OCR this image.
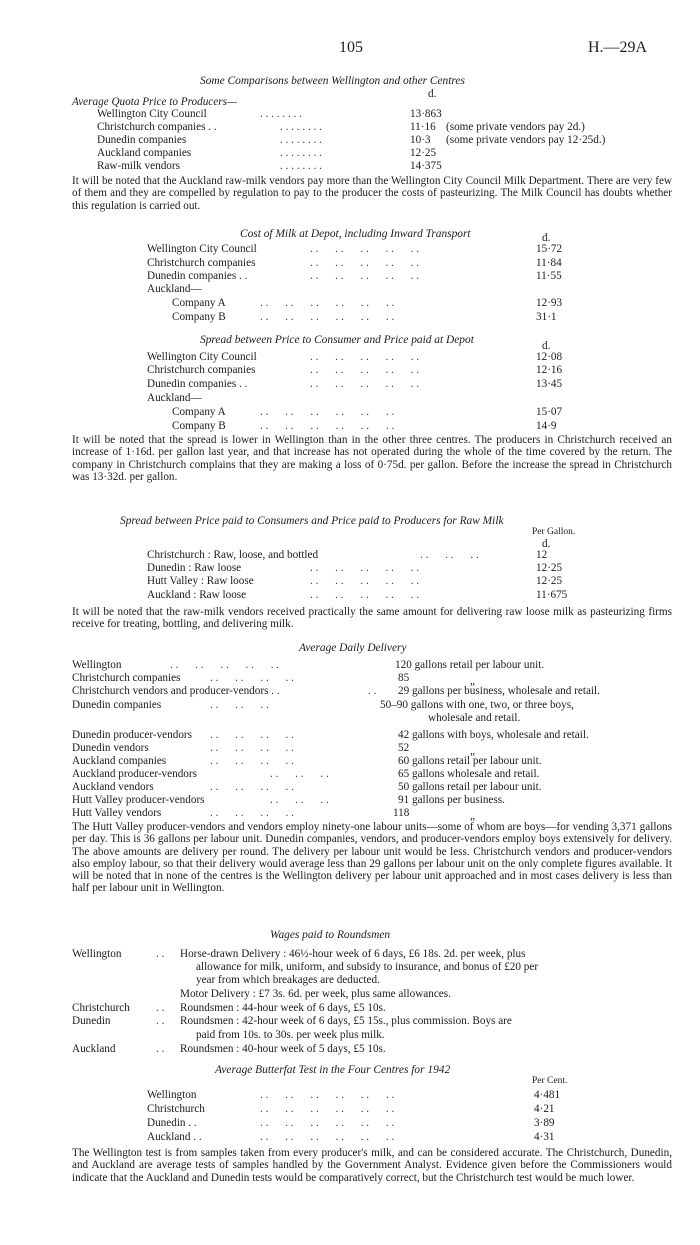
105	H.—29A
Some Comparisons between Wellington and other Centres
d.
Average Quota Price to Producers—
Wellington City Council	. . . . . . . .	13·863
Christchurch companies . .	. . . . . . . .	11·16 (some private vendors pay 2d.)
Dunedin companies	. . . . . . . .	10·3 (some private vendors pay 12·25d.)
Auckland companies	. . . . . . . .	12·25
Raw-milk vendors	. . . . . . . .	14·375
It will be noted that the Auckland raw-milk vendors pay more than the Wellington City Council Milk Department. There are very few of them and they are compelled by regulation to pay to the producer the costs of pasteurizing. The Milk Council has doubts whether this regulation is carried out.
Cost of Milk at Depot, including Inward Transport	d.
Wellington City Council	. .      . .      . .      . .      . .	15·72
Christchurch companies	. .      . .      . .      . .      . .	11·84
Dunedin companies . .	. .      . .      . .      . .      . .	11·55
Auckland—
Company A	. .      . .      . .      . .      . .      . .	12·93
Company B	. .      . .      . .      . .      . .      . .	31·1
Spread between Price to Consumer and Price paid at Depot	d.
Wellington City Council	. .      . .      . .      . .      . .	12·08
Christchurch companies	. .      . .      . .      . .      . .	12·16
Dunedin companies . .	. .      . .      . .      . .      . .	13·45
Auckland—
Company A	. .      . .      . .      . .      . .      . .	15·07
Company B	. .      . .      . .      . .      . .      . .	14·9
It will be noted that the spread is lower in Wellington than in the other three centres. The producers in Christchurch received an increase of 1·16d. per gallon last year, and that increase has not operated during the whole of the time covered by the return. The company in Christchurch complains that they are making a loss of 0·75d. per gallon. Before the increase the spread in Christchurch was 13·32d. per gallon.
Spread between Price paid to Consumers and Price paid to Producers for Raw Milk
Per Gallon.
d.
Christchurch : Raw, loose, and bottled	. .      . .      . .	12
Dunedin : Raw loose	. .      . .      . .      . .      . .	12·25
Hutt Valley : Raw loose	. .      . .      . .      . .      . .	12·25
Auckland : Raw loose	. .      . .      . .      . .      . .	11·675
It will be noted that the raw-milk vendors received practically the same amount for delivering raw loose milk as pasteurizing firms receive for treating, bottling, and delivering milk.
Average Daily Delivery
Wellington	. .      . .      . .      . .      . .	120 gallons retail per labour unit.
Christchurch companies	. .      . .      . .      . .	85	„
Christchurch vendors and producer-vendors . .	. . 29 gallons per business, wholesale and retail.
Dunedin companies	. .      . .      . .	50–90 gallons with one, two, or three boys,
wholesale and retail.
Dunedin producer-vendors . .      . .      . .      . .	42 gallons with boys, wholesale and retail.
Dunedin vendors	. .      . .      . .      . .	52	„
Auckland companies	. .      . .      . .      . .	60 gallons retail per labour unit.
Auckland producer-vendors	. .      . .      . .	65 gallons wholesale and retail.
Auckland vendors	. .      . .      . .      . .	50 gallons retail per labour unit.
Hutt Valley producer-vendors	. .      . .      . .	91 gallons per business.
Hutt Valley vendors	. .      . .      . .      . .	118	„
The Hutt Valley producer-vendors and vendors employ ninety-one labour units—some of whom are boys—for vending 3,371 gallons per day. This is 36 gallons per labour unit. Dunedin companies, vendors, and producer-vendors employ boys extensively for delivery. The above amounts are delivery per round. The delivery per labour unit would be less. Christchurch vendors and producer-vendors also employ labour, so that their delivery would average less than 29 gallons per labour unit on the only complete figures available. It will be noted that in none of the centres is the Wellington delivery per labour unit approached and in most cases delivery is less than half per labour unit in Wellington.
Wages paid to Roundsmen
Wellington	. . Horse-drawn Delivery : 46½-hour week of 6 days, £6 18s. 2d. per week, plus
allowance for milk, uniform, and subsidy to insurance, and bonus of £20 per
year from which breakages are deducted.
Motor Delivery : £7 3s. 6d. per week, plus same allowances.
Christchurch . . Roundsmen : 44-hour week of 6 days, £5 10s.
Dunedin	. . Roundsmen : 42-hour week of 6 days, £5 15s., plus commission. Boys are
paid from 10s. to 30s. per week plus milk.
Auckland	. . Roundsmen : 40-hour week of 5 days, £5 10s.
Average Butterfat Test in the Four Centres for 1942
Per Cent.
Wellington	. .      . .      . .      . .      . .      . .	4·481
Christchurch	. .      . .      . .      . .      . .      . .	4·21
Dunedin . .	. .      . .      . .      . .      . .      . .	3·89
Auckland . .	. .      . .      . .      . .      . .      . .	4·31
The Wellington test is from samples taken from every producer's milk, and can be considered accurate. The Christchurch, Dunedin, and Auckland are average tests of samples handled by the Government Analyst. Evidence given before the Commissioners would indicate that the Auckland and Dunedin tests would be comparatively correct, but the Christchurch test would be much lower.
